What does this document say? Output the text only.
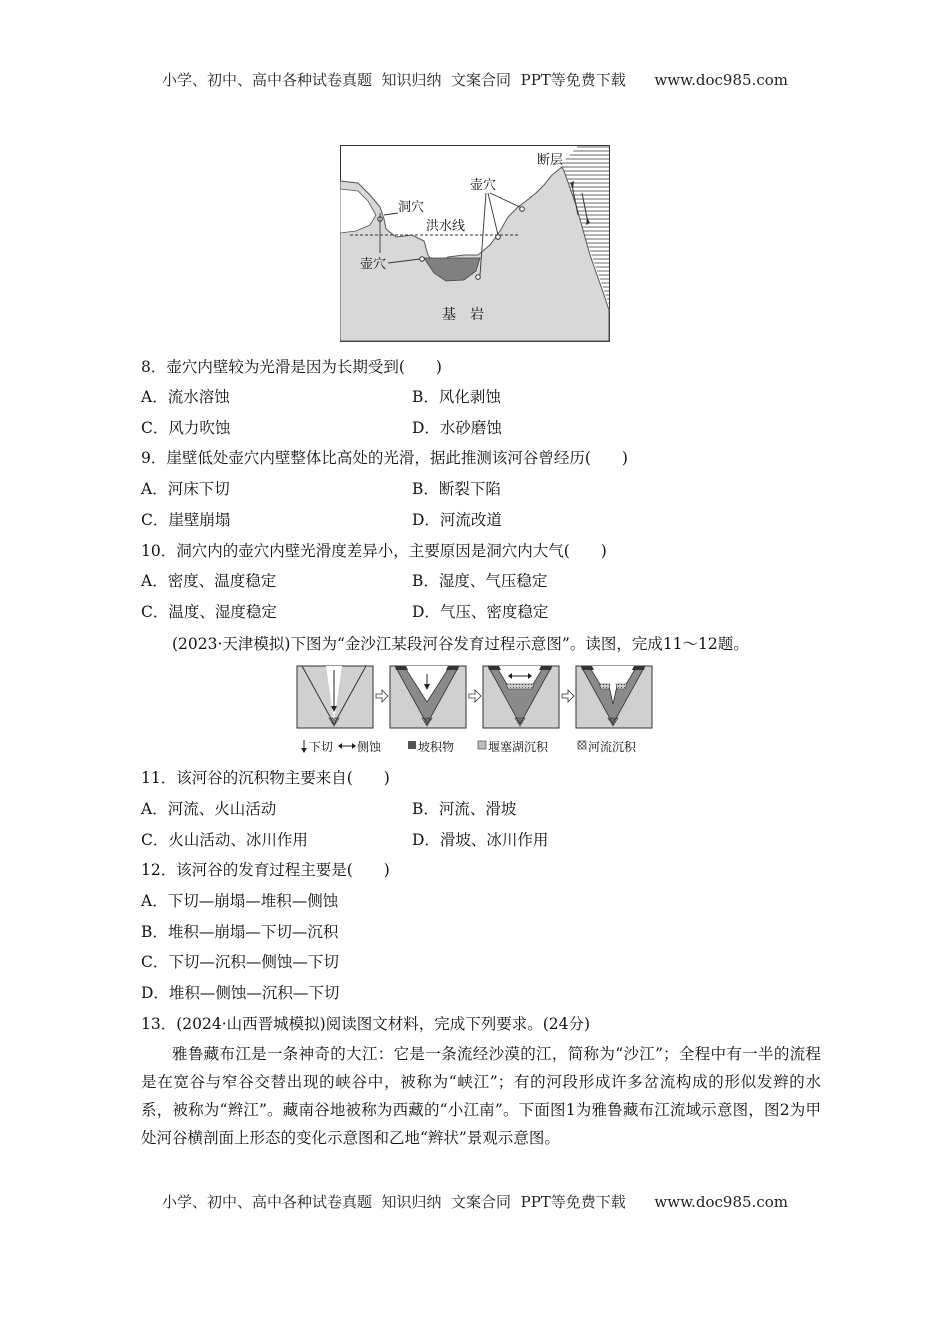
小学、初中、高中各种试卷真题  知识归纳  文案合同  PPT等免费下载      www.doc985.com
断层
洞穴
壶穴
洪水线
壶穴
基　岩
8．壶穴内壁较为光滑是因为长期受到(　　)
A．流水溶蚀	B．风化剥蚀
C．风力吹蚀	D．水砂磨蚀
9．崖壁低处壶穴内壁整体比高处的光滑，据此推测该河谷曾经历(　　)
A．河床下切	B．断裂下陷
C．崖壁崩塌	D．河流改道
10．洞穴内的壶穴内壁光滑度差异小，主要原因是洞穴内大气(　　)
A．密度、温度稳定	B．湿度、气压稳定
C．温度、湿度稳定	D．气压、密度稳定
(2023·天津模拟)下图为“金沙江某段河谷发育过程示意图”。读图，完成11～12题。
下切 侧蚀	坡积物	堰塞湖沉积	河流沉积
11．该河谷的沉积物主要来自(　　)
A．河流、火山活动	B．河流、滑坡
C．火山活动、冰川作用	D．滑坡、冰川作用
12．该河谷的发育过程主要是(　　)
A．下切—崩塌—堆积—侧蚀
B．堆积—崩塌—下切—沉积
C．下切—沉积—侧蚀—下切
D．堆积—侧蚀—沉积—下切
13．(2024·山西晋城模拟)阅读图文材料，完成下列要求。(24分)
雅鲁藏布江是一条神奇的大江：它是一条流经沙漠的江，简称为“沙江”；全程中有一半的流程是在宽谷与窄谷交替出现的峡谷中，被称为“峡江”；有的河段形成许多岔流构成的形似发辫的水系，被称为“辫江”。藏南谷地被称为西藏的“小江南”。下面图1为雅鲁藏布江流域示意图，图2为甲处河谷横剖面上形态的变化示意图和乙地“辫状”景观示意图。
小学、初中、高中各种试卷真题  知识归纳  文案合同  PPT等免费下载      www.doc985.com
